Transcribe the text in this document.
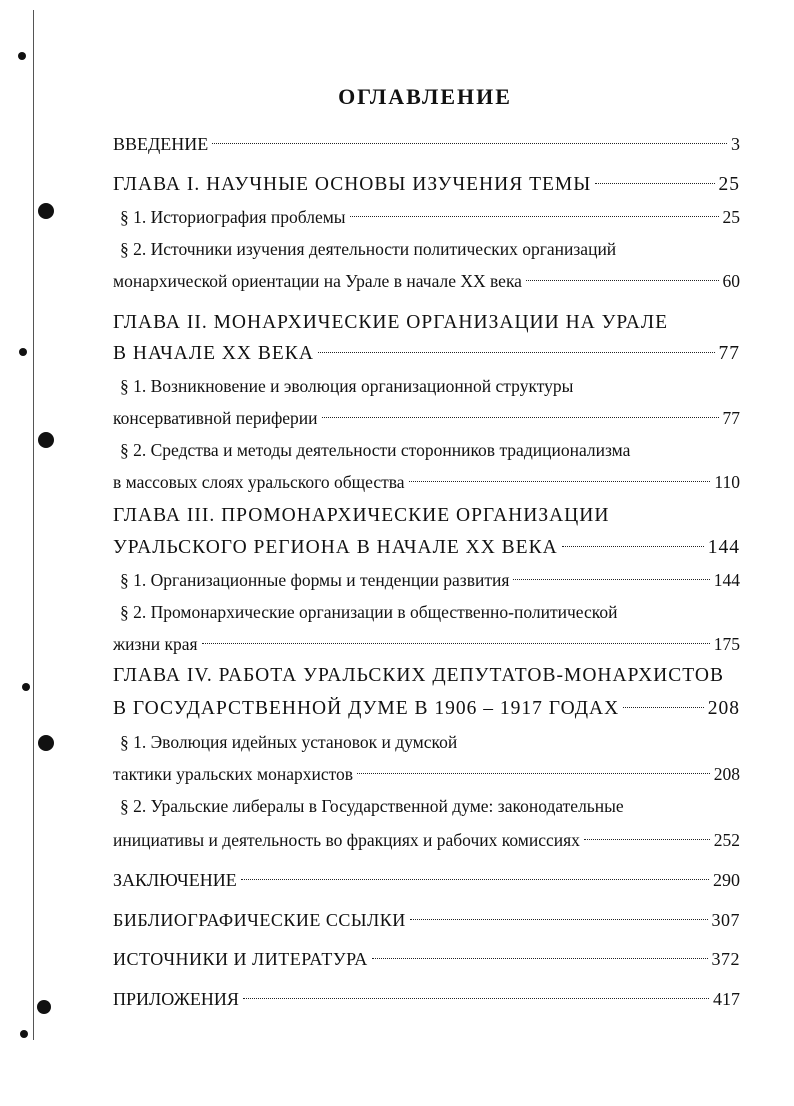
ОГЛАВЛЕНИЕ
ВВЕДЕНИЕ	3
ГЛАВА I. НАУЧНЫЕ ОСНОВЫ ИЗУЧЕНИЯ ТЕМЫ	25
§ 1. Историография проблемы	25
§ 2. Источники изучения деятельности политических организаций
монархической ориентации на Урале в начале XX века	60
ГЛАВА II. МОНАРХИЧЕСКИЕ ОРГАНИЗАЦИИ НА УРАЛЕ
В НАЧАЛЕ XX ВЕКА	77
§ 1. Возникновение и эволюция организационной структуры
консервативной периферии	77
§ 2. Средства и методы деятельности сторонников традиционализма
в массовых слоях уральского общества	110
ГЛАВА III. ПРОМОНАРХИЧЕСКИЕ ОРГАНИЗАЦИИ
УРАЛЬСКОГО РЕГИОНА В НАЧАЛЕ XX ВЕКА	144
§ 1. Организационные формы и тенденции развития	144
§ 2. Промонархические организации в общественно-политической
жизни края	175
ГЛАВА IV. РАБОТА УРАЛЬСКИХ ДЕПУТАТОВ-МОНАРХИСТОВ
В ГОСУДАРСТВЕННОЙ ДУМЕ В 1906 – 1917 ГОДАХ	208
§ 1. Эволюция идейных установок и думской
тактики уральских монархистов	208
§ 2. Уральские либералы в Государственной думе: законодательные
инициативы и деятельность во фракциях и рабочих комиссиях	252
ЗАКЛЮЧЕНИЕ	290
БИБЛИОГРАФИЧЕСКИЕ ССЫЛКИ	307
ИСТОЧНИКИ И ЛИТЕРАТУРА	372
ПРИЛОЖЕНИЯ	417
